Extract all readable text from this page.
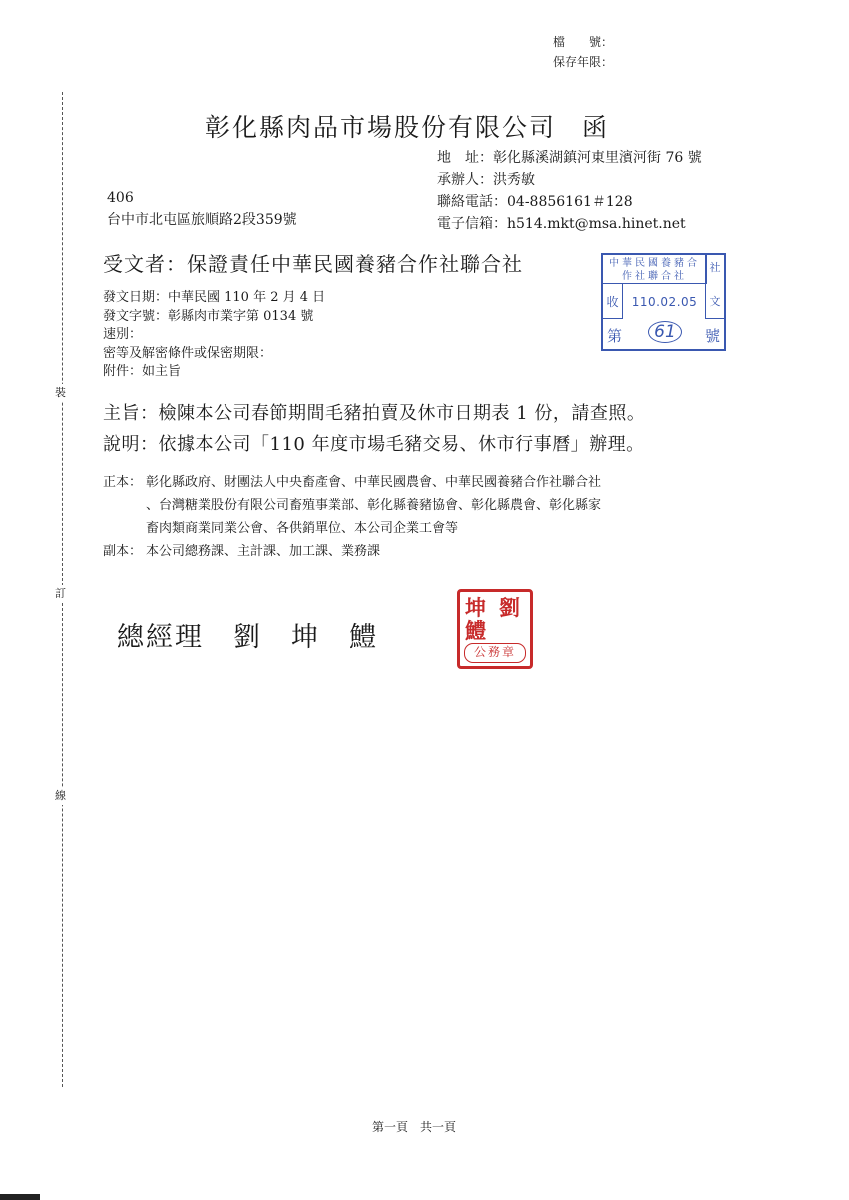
檔　　號：
保存年限：
裝
訂
線
彰化縣肉品市場股份有限公司 函
地　址：彰化縣溪湖鎮河東里濱河街 76 號
承辦人：洪秀敏
聯絡電話：04-8856161＃128
電子信箱：h514.mkt@msa.hinet.net
406
台中市北屯區旅順路2段359號
受文者：保證責任中華民國養豬合作社聯合社	中華民國養豬合作社聯合社
社
文
收	110.02.05
第	61	號
發文日期：中華民國 110 年 2 月 4 日
發文字號：彰縣肉市業字第 0134 號
速別：
密等及解密條件或保密期限：
附件：如主旨
主旨：檢陳本公司春節期間毛豬拍賣及休市日期表 1 份，請查照。
說明：依據本公司「110 年度市場毛豬交易、休市行事曆」辦理。
正本： 彰化縣政府、財團法人中央畜產會、中華民國農會、中華民國養豬合作社聯合社
、台灣糖業股份有限公司畜殖事業部、彰化縣養豬協會、彰化縣農會、彰化縣家
畜肉類商業同業公會、各供銷單位、本公司企業工會等
副本： 本公司總務課、主計課、加工課、業務課
總經理　劉　坤　鱧
劉
坤
鱧
公務章
第一頁　共一頁
